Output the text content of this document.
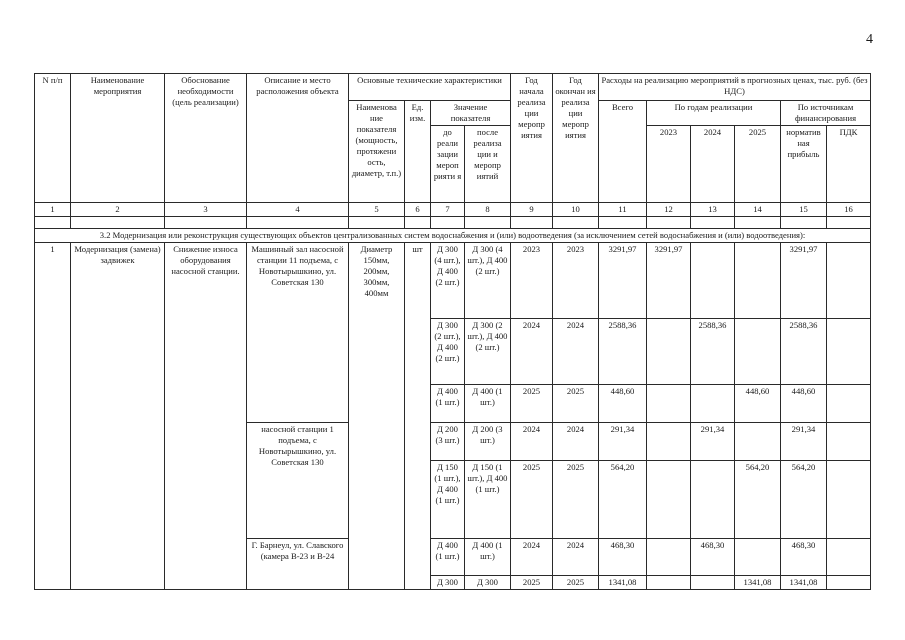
4
N п/п	Наименование мероприятия	Обоснование необходимости (цель реализации)	Описание и место расположения объекта	Основные технические характеристики				Год начала реализа ции меропр иятия	Год окончан ия реализа ции меропр иятия	Расходы на реализацию мероприятий в прогнозных ценах, тыс. руб. (без НДС)					
				Наименова ние показателя (мощность, протяжени ость, диаметр, т.п.)	Ед. изм.	Значение показателя				Всего	По годам реализации			По источникам финансирования	
						до реали зации мероп рияти я	после реализа ции и меропр иятий				2023	2024	2025	норматив ная прибыль	ПДК

1	2	3	4	5	6	7	8	9	10	11	12	13	14	15	16

3.2 Модернизация или реконструкция существующих объектов централизованных систем водоснабжения и (или) водоотведения (за исключением сетей водоснабжения и (или) водоотведения):															
1	Модернизация (замена) задвижек	Снижение износа оборудования насосной станции.	Машинный зал насосной станции 11 подъема, с Новотырышкино, ул. Советская 130	Диаметр 150мм, 200мм, 300мм, 400мм	шт	Д 300 (4 шт.), Д 400 (2 шт.)	Д 300 (4 шт.), Д 400 (2 шт.)	2023	2023	3291,97	3291,97			3291,97	
						Д 300 (2 шт.), Д 400 (2 шт.)	Д 300 (2 шт.), Д 400 (2 шт.)	2024	2024	2588,36		2588,36		2588,36	
						Д 400 (1 шт.)	Д 400 (1 шт.)	2025	2025	448,60			448,60	448,60	
			насосной станции 1 подъема, с Новотырышкино, ул. Советская 130			Д 200 (3 шт.)	Д 200 (3 шт.)	2024	2024	291,34		291,34		291,34	
						Д 150 (1 шт.), Д 400 (1 шт.)	Д 150 (1 шт.), Д 400 (1 шт.)	2025	2025	564,20			564,20	564,20	
			Г. Барнеул, ул. Славского (камера В-23 и В-24			Д 400 (1 шт.)	Д 400 (1 шт.)	2024	2024	468,30		468,30		468,30	
						Д 300	Д 300	2025	2025	1341,08			1341,08	1341,08	
